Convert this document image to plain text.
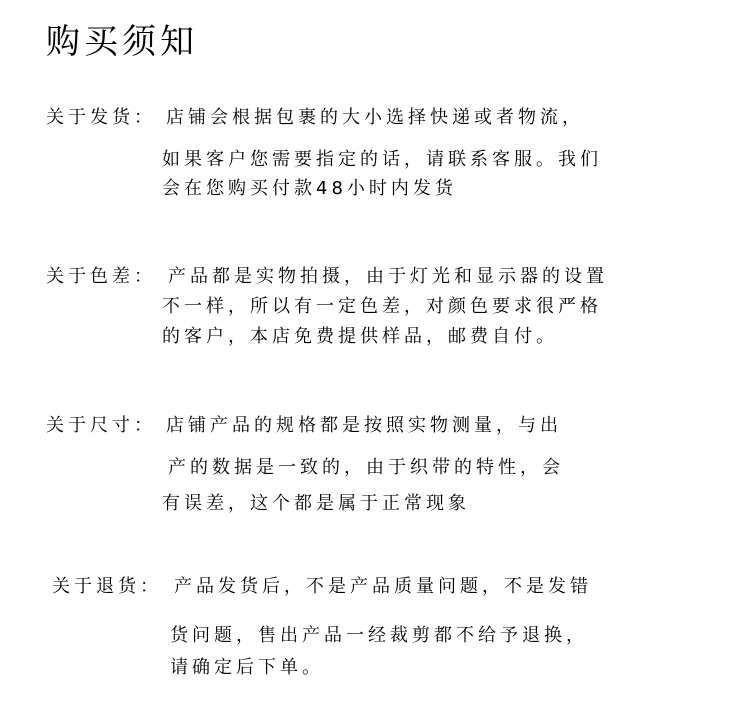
购买须知
关于发货： 店铺会根据包裹的大小选择快递或者物流，
如果客户您需要指定的话，请联系客服。我们
会在您购买付款48小时内发货
关于色差： 产品都是实物拍摄，由于灯光和显示器的设置
不一样，所以有一定色差，对颜色要求很严格
的客户，本店免费提供样品，邮费自付。
关于尺寸： 店铺产品的规格都是按照实物测量，与出
产的数据是一致的，由于织带的特性，会
有误差，这个都是属于正常现象
关于退货： 产品发货后，不是产品质量问题，不是发错
货问题，售出产品一经裁剪都不给予退换，
请确定后下单。
